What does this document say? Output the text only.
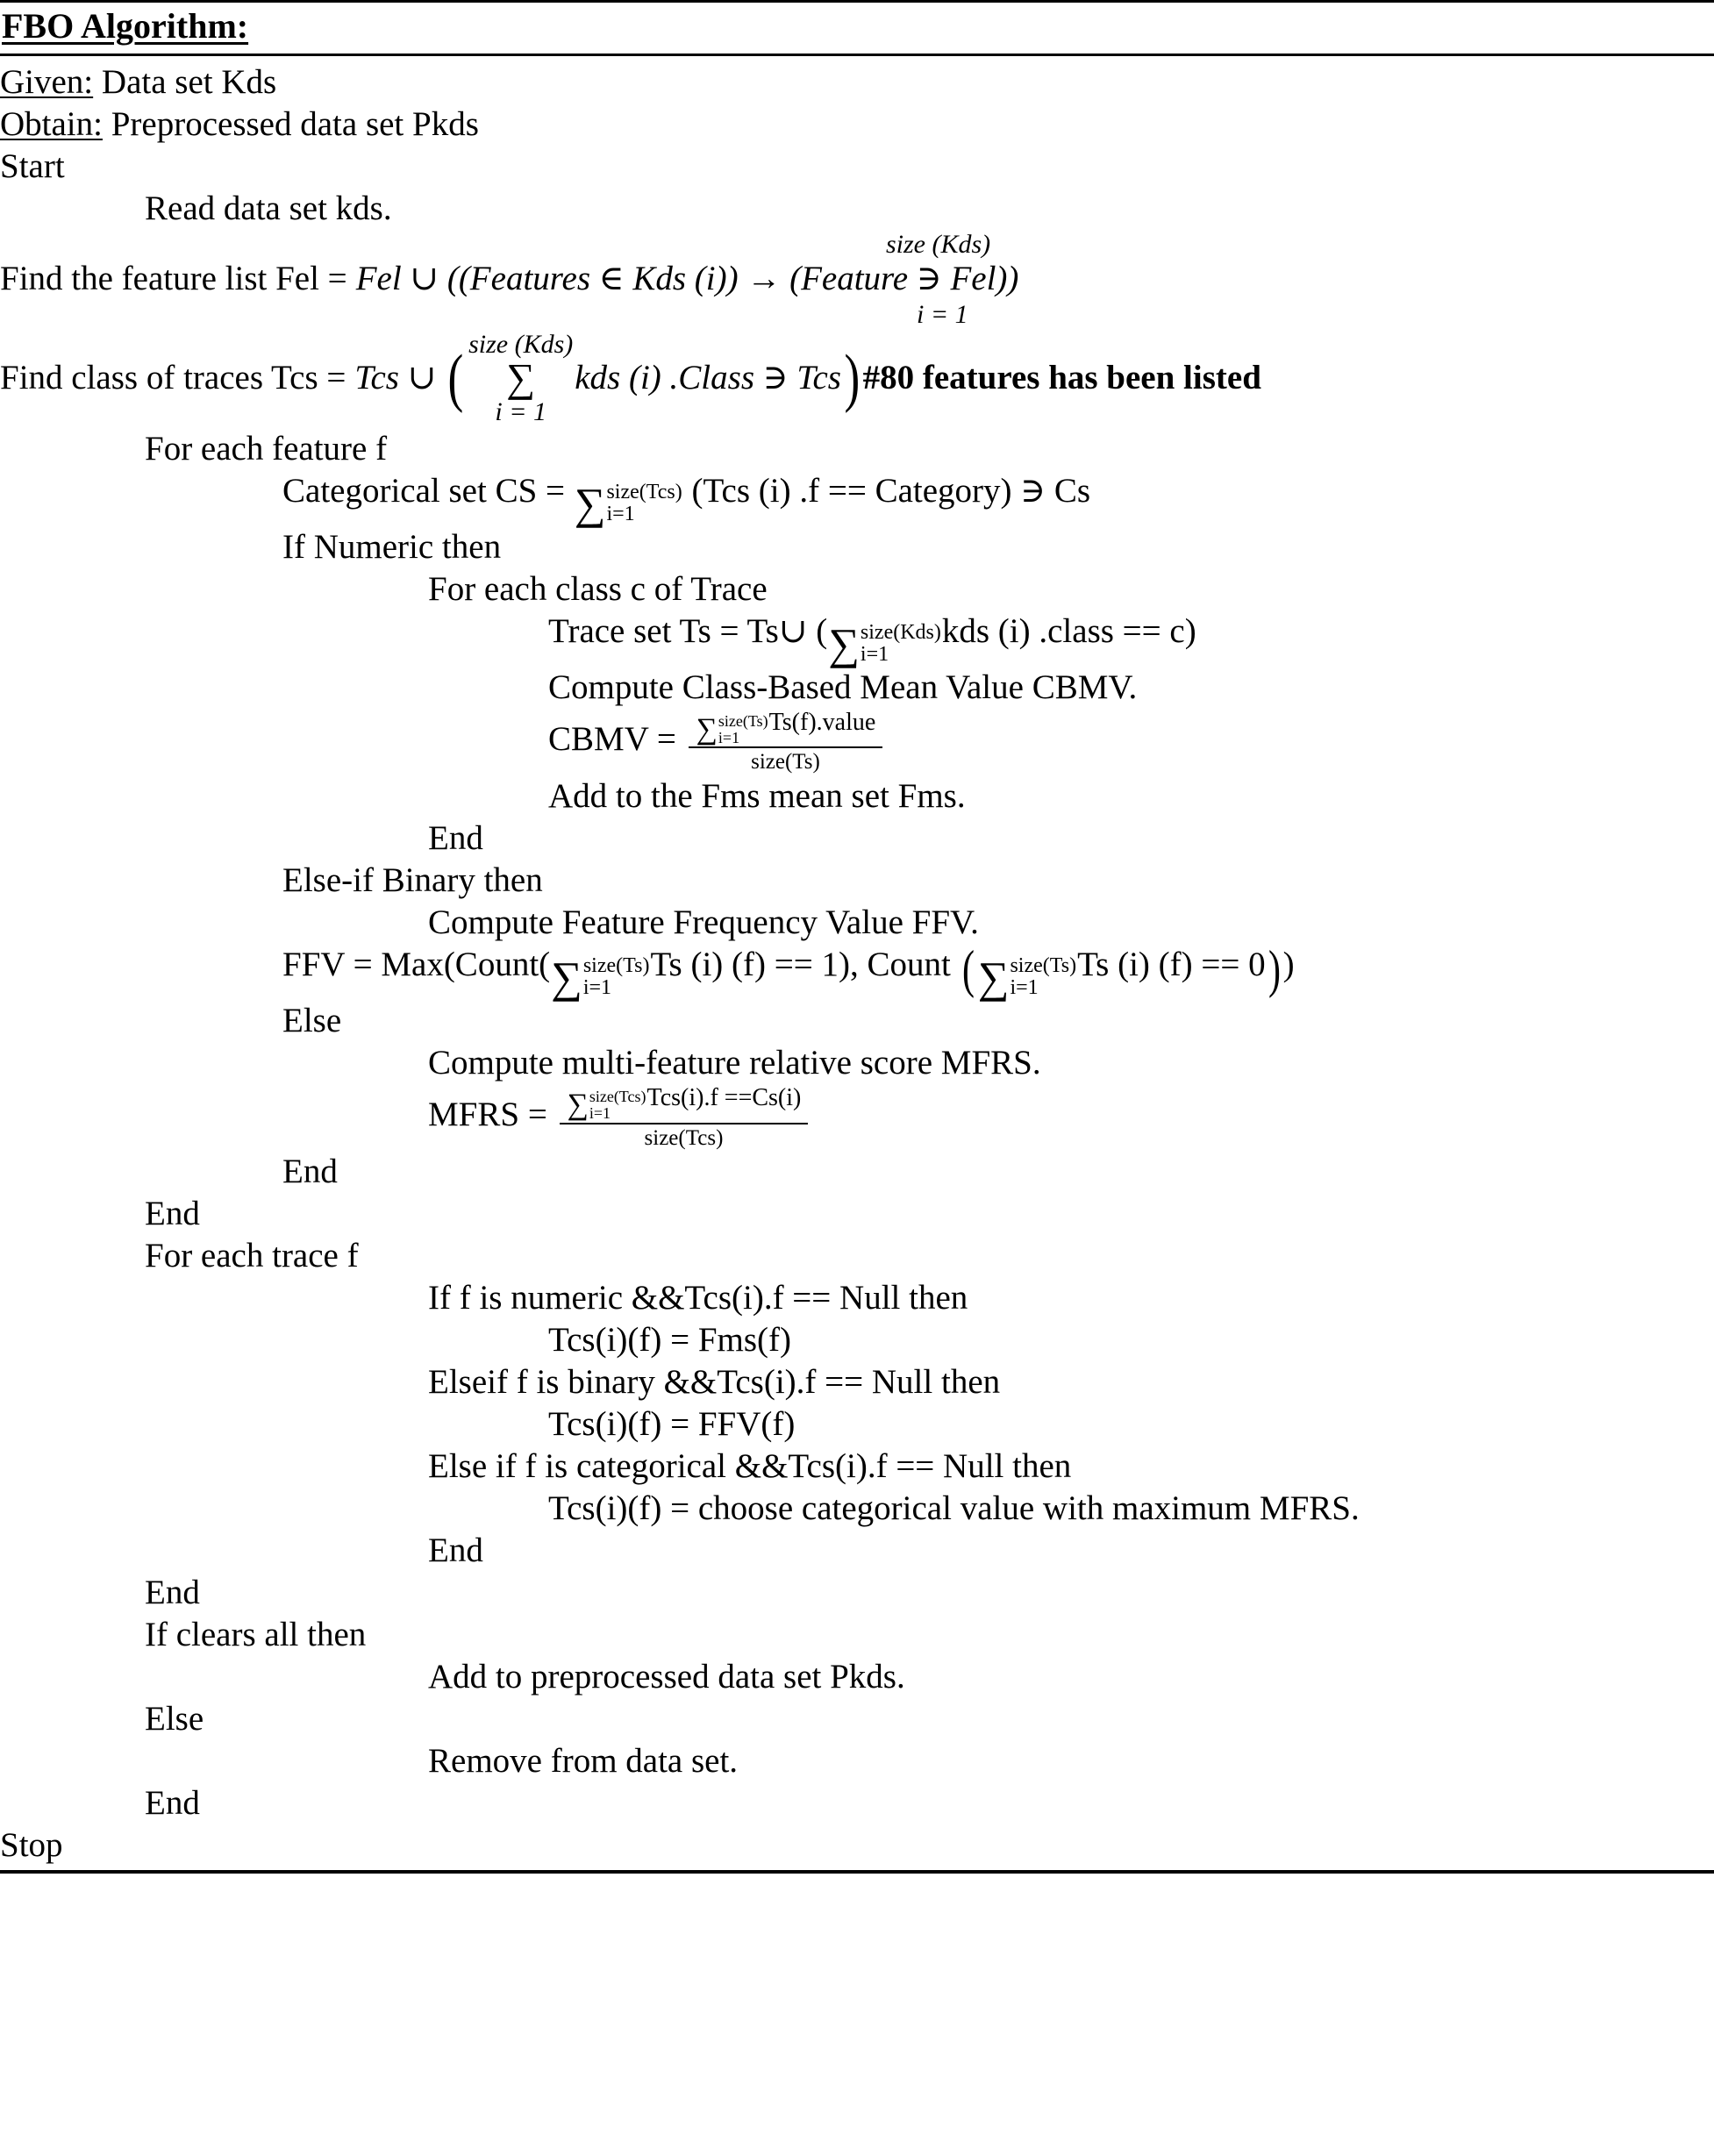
FBO Algorithm:
Given: Data set Kds
Obtain: Preprocessed data set Pkds
Start
Read data set kds.
size (Kds)
Find the feature list Fel = Fel ∪ ((Features ∈ Kds (i)) → (Feature ∋ Fel))
i = 1
Find class of traces Tcs = Tcs ∪ ( size (Kds)
∑
i = 1
kds (i) .Class ∋ Tcs ) #80 features has been listed
For each feature f
Categorical set CS = ∑ size(Tcs)
i=1
(Tcs (i) .f == Category) ∋ Cs
If Numeric then
For each class c of Trace
Trace set Ts = Ts∪ (∑ size(Kds)
i=1
kds (i) .class == c)
Compute Class-Based Mean Value CBMV.
CBMV = ∑ size(Ts)
i=1
Ts(f).value
size(Ts)
Add to the Fms mean set Fms.
End
Else-if Binary then
Compute Feature Frequency Value FFV.
FFV = Max(Count(∑ size(Ts)
i=1
Ts (i) (f) == 1), Count (∑ size(Ts)
i=1
Ts (i) (f) == 0))
Else
Compute multi-feature relative score MFRS.
MFRS = ∑ size(Tcs)
i=1
Tcs(i).f ==Cs(i)
size(Tcs)
End
End
For each trace f
If f is numeric &&Tcs(i).f == Null then
Tcs(i)(f) = Fms(f)
Elseif f is binary &&Tcs(i).f == Null then
Tcs(i)(f) = FFV(f)
Else if f is categorical &&Tcs(i).f == Null then
Tcs(i)(f) = choose categorical value with maximum MFRS.
End
End
If clears all then
Add to preprocessed data set Pkds.
Else
Remove from data set.
End
Stop
